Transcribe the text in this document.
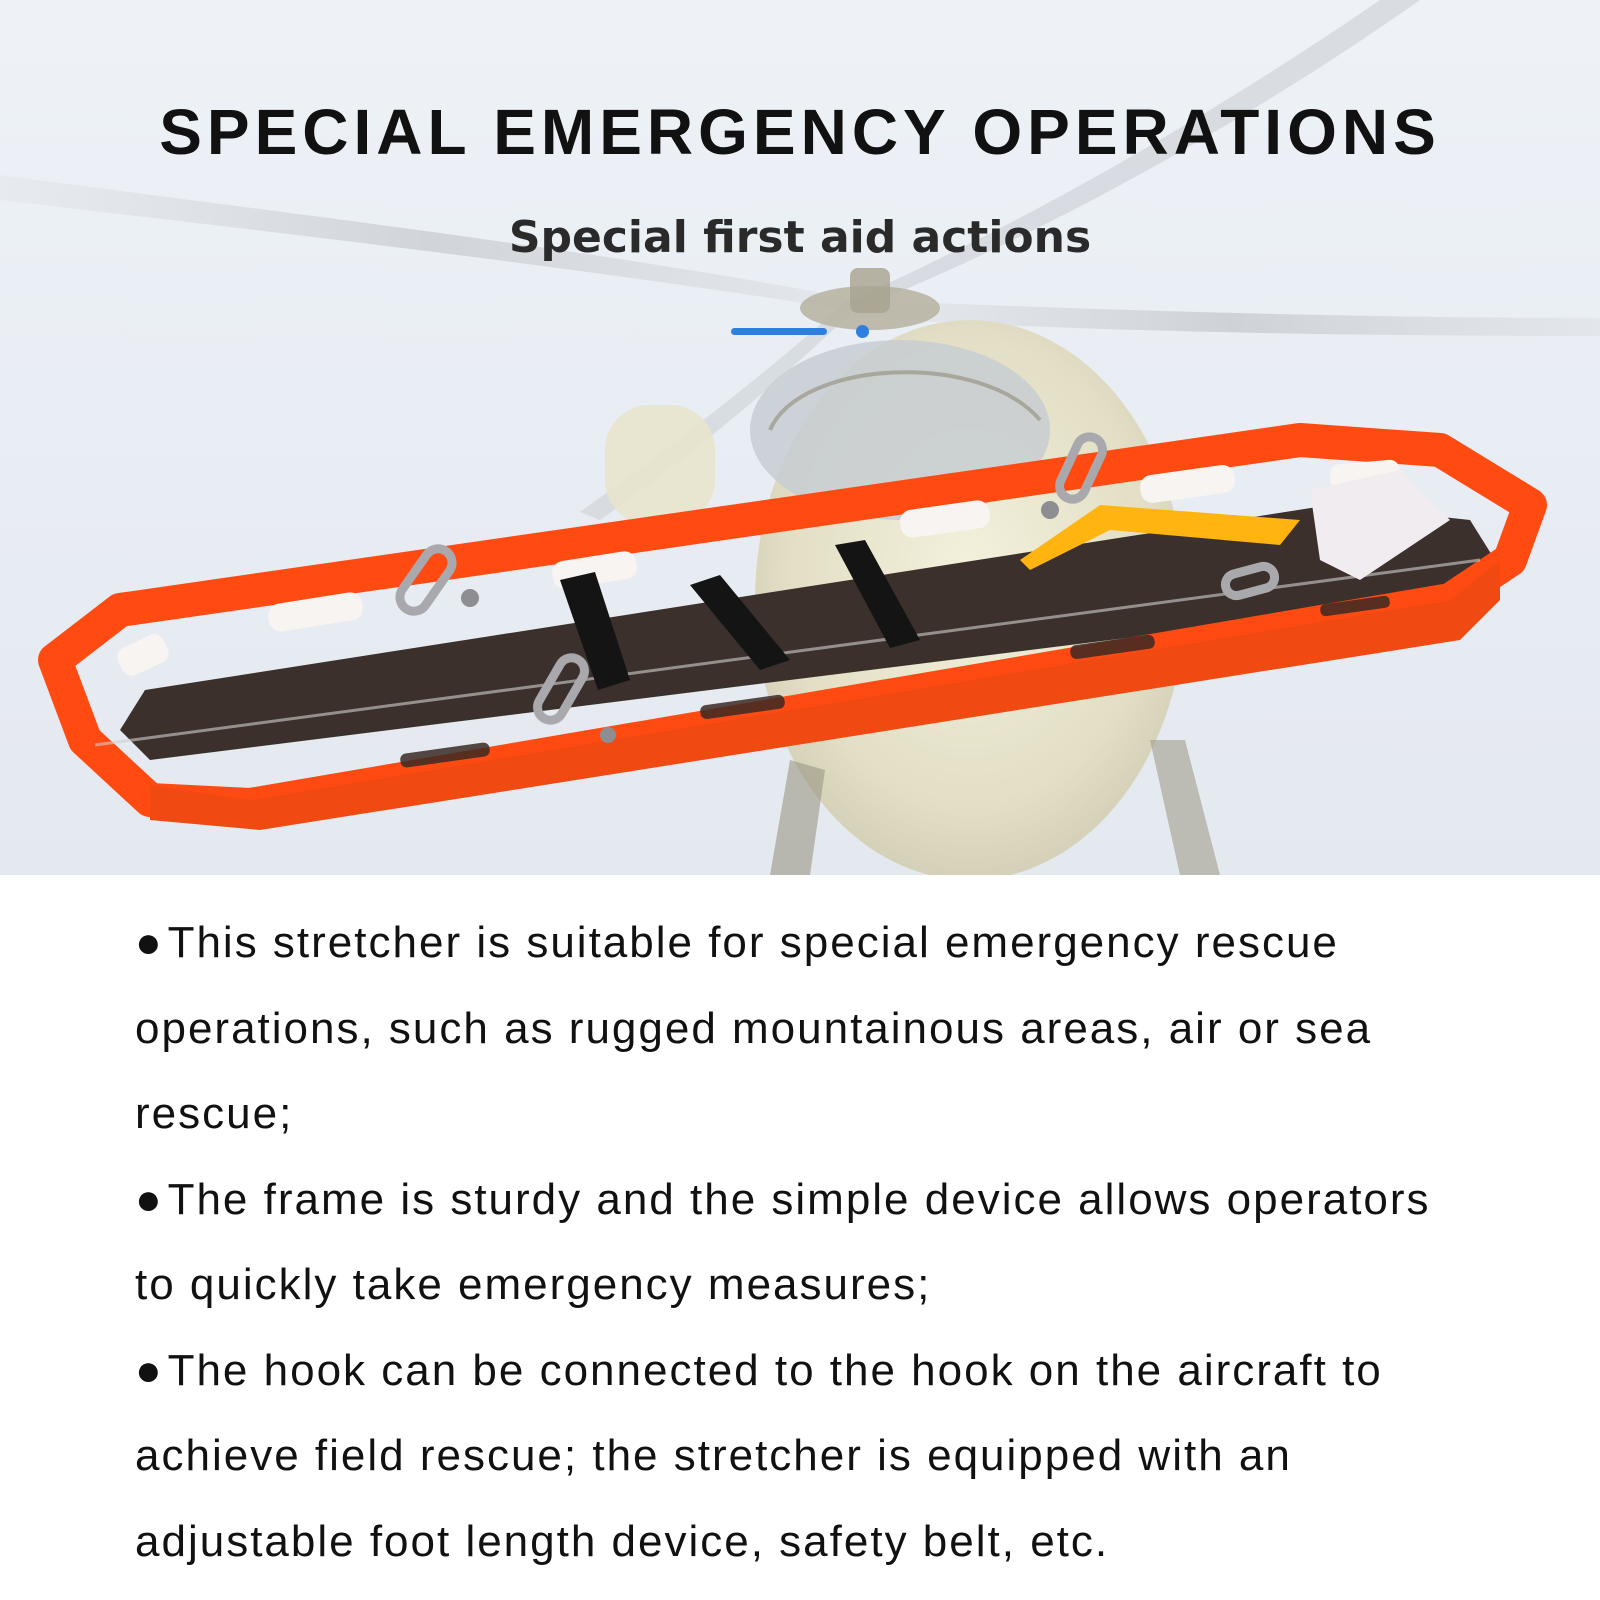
SPECIAL EMERGENCY OPERATIONS
Special first aid actions

●This stretcher is suitable for special emergency rescue operations, such as rugged mountainous areas, air or sea rescue;

●The frame is sturdy and the simple device allows operators to quickly take emergency measures;

●The hook can be connected to the hook on the aircraft to achieve field rescue; the stretcher is equipped with an adjustable foot length device, safety belt, etc.
